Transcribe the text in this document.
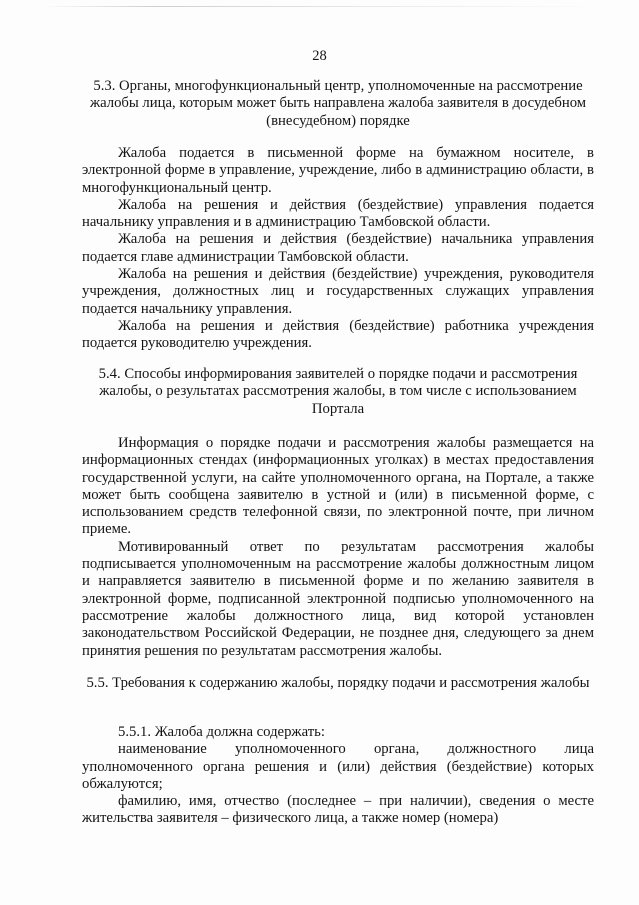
28

5.3. Органы, многофункциональный центр, уполномоченные на рассмотрение жалобы лица, которым может быть направлена жалоба заявителя в досудебном (внесудебном) порядке

Жалоба подается в письменной форме на бумажном носителе, в электронной форме в управление, учреждение, либо в администрацию области, в многофункциональный центр.

Жалоба на решения и действия (бездействие) управления подается начальнику управления и в администрацию Тамбовской области.

Жалоба на решения и действия (бездействие) начальника управления подается главе администрации Тамбовской области.

Жалоба на решения и действия (бездействие) учреждения, руководителя учреждения, должностных лиц и государственных служащих управления подается начальнику управления.

Жалоба на решения и действия (бездействие) работника учреждения подается руководителю учреждения.

5.4. Способы информирования заявителей о порядке подачи и рассмотрения жалобы, о результатах рассмотрения жалобы, в том числе с использованием Портала

Информация о порядке подачи и рассмотрения жалобы размещается на информационных стендах (информационных уголках) в местах предоставления государственной услуги, на сайте уполномоченного органа, на Портале, а также может быть сообщена заявителю в устной и (или) в письменной форме, с использованием средств телефонной связи, по электронной почте, при личном приеме.

Мотивированный ответ по результатам рассмотрения жалобы подписывается уполномоченным на рассмотрение жалобы должностным лицом и направляется заявителю в письменной форме и по желанию заявителя в электронной форме, подписанной электронной подписью уполномоченного на рассмотрение жалобы должностного лица, вид которой установлен законодательством Российской Федерации, не позднее дня, следующего за днем принятия решения по результатам рассмотрения жалобы.

5.5. Требования к содержанию жалобы, порядку подачи и рассмотрения жалобы

5.5.1. Жалоба должна содержать:

наименование уполномоченного органа, должностного лица уполномоченного органа решения и (или) действия (бездействие) которых обжалуются;

фамилию, имя, отчество (последнее – при наличии), сведения о месте жительства заявителя – физического лица, а также номер (номера)
